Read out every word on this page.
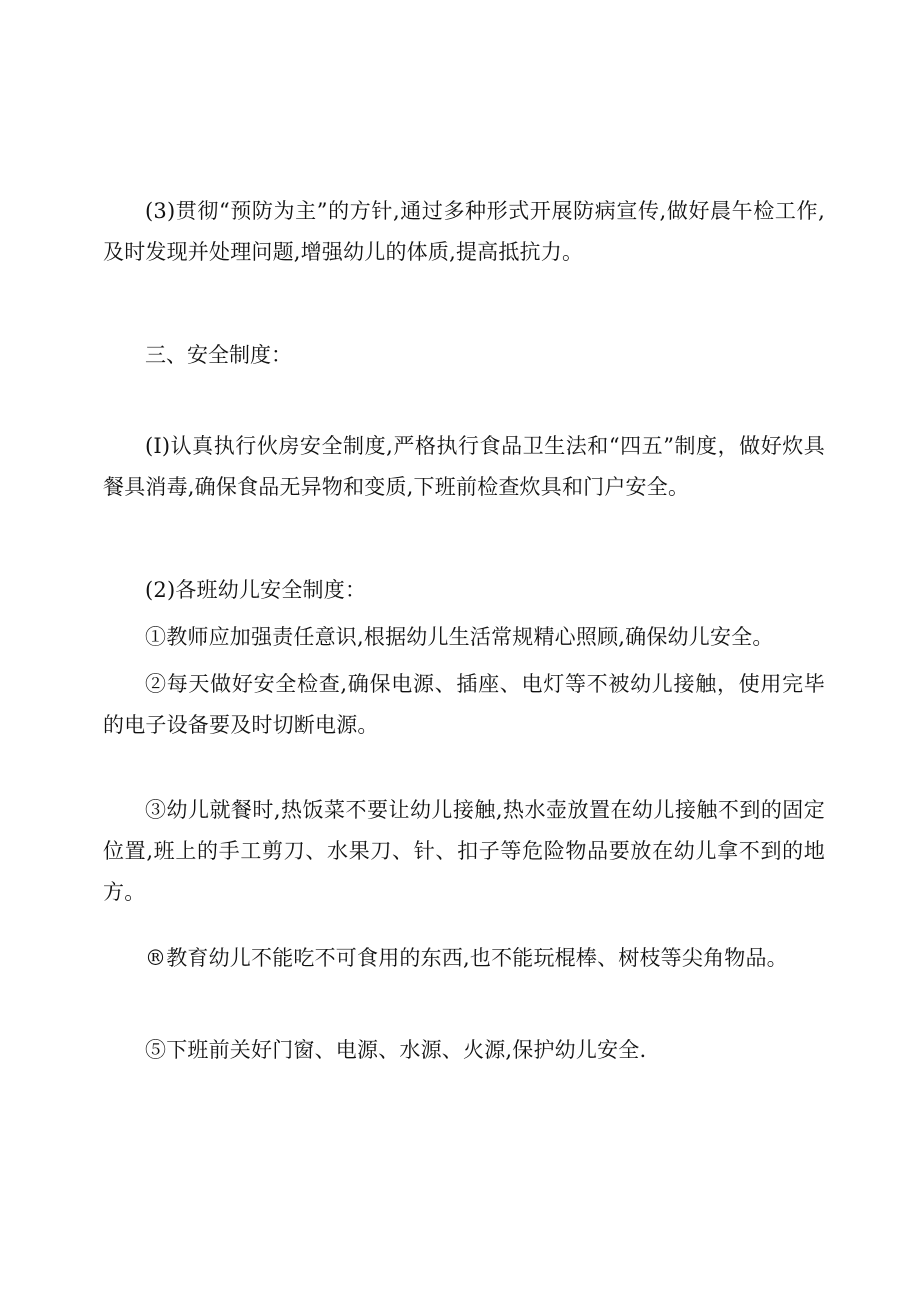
(3)贯彻“预防为主”的方针,通过多种形式开展防病宣传,做好晨午检工作,及时发现并处理问题,增强幼儿的体质,提高抵抗力。

三、安全制度：

(I)认真执行伙房安全制度,严格执行食品卫生法和“四五”制度，做好炊具餐具消毒,确保食品无异物和变质,下班前检查炊具和门户安全。

(2)各班幼儿安全制度：

①教师应加强责任意识,根据幼儿生活常规精心照顾,确保幼儿安全。

②每天做好安全检查,确保电源、插座、电灯等不被幼儿接触，使用完毕的电子设备要及时切断电源。

③幼儿就餐时,热饭菜不要让幼儿接触,热水壶放置在幼儿接触不到的固定位置,班上的手工剪刀、水果刀、针、扣子等危险物品要放在幼儿拿不到的地方。

®教育幼儿不能吃不可食用的东西,也不能玩棍棒、树枝等尖角物品。

⑤下班前关好门窗、电源、水源、火源,保护幼儿安全.
